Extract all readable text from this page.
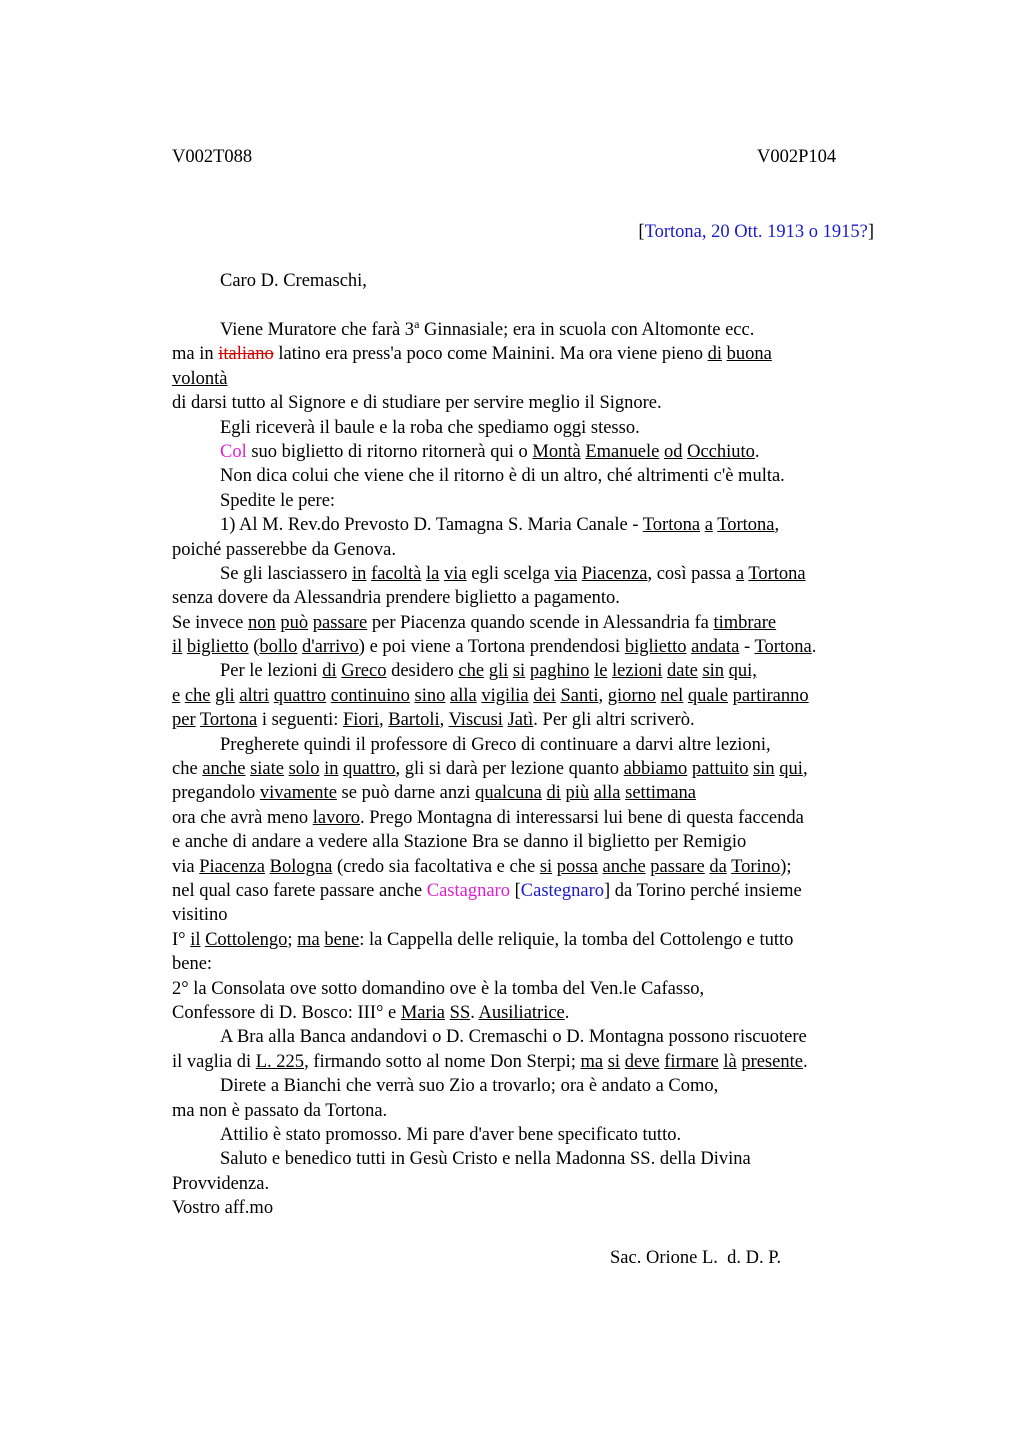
V002T088	V002P104
[Tortona, 20 Ott. 1913 o 1915?]
Caro D. Cremaschi,
Viene Muratore che farà 3$^a$ Ginnasiale; era in scuola con Altomonte ecc.
ma in italiano latino era press'a poco come Mainini. Ma ora viene pieno di buona
volontà
di darsi tutto al Signore e di studiare per servire meglio il Signore.
Egli riceverà il baule e la roba che spediamo oggi stesso.
Col suo biglietto di ritorno ritornerà qui o Montà Emanuele od Occhiuto.
Non dica colui che viene che il ritorno è di un altro, ché altrimenti c'è multa.
Spedite le pere:
1) Al M. Rev.do Prevosto D. Tamagna S. Maria Canale - Tortona a Tortona,
poiché passerebbe da Genova.
Se gli lasciassero in facoltà la via egli scelga via Piacenza, così passa a Tortona
senza dovere da Alessandria prendere biglietto a pagamento.
Se invece non può passare per Piacenza quando scende in Alessandria fa timbrare
il biglietto (bollo d'arrivo) e poi viene a Tortona prendendosi biglietto andata - Tortona.
Per le lezioni di Greco desidero che gli si paghino le lezioni date sin qui,
e che gli altri quattro continuino sino alla vigilia dei Santi, giorno nel quale partiranno
per Tortona i seguenti: Fiori, Bartoli, Viscusi Jatì. Per gli altri scriverò.
Pregherete quindi il professore di Greco di continuare a darvi altre lezioni,
che anche siate solo in quattro, gli si darà per lezione quanto abbiamo pattuito sin qui,
pregandolo vivamente se può darne anzi qualcuna di più alla settimana
ora che avrà meno lavoro. Prego Montagna di interessarsi lui bene di questa faccenda
e anche di andare a vedere alla Stazione Bra se danno il biglietto per Remigio
via Piacenza Bologna (credo sia facoltativa e che si possa anche passare da Torino);
nel qual caso farete passare anche Castagnaro [Castegnaro] da Torino perché insieme
visitino
I° il Cottolengo; ma bene: la Cappella delle reliquie, la tomba del Cottolengo e tutto
bene:
2° la Consolata ove sotto domandino ove è la tomba del Ven.le Cafasso,
Confessore di D. Bosco: III° e Maria SS. Ausiliatrice.
A Bra alla Banca andandovi o D. Cremaschi o D. Montagna possono riscuotere
il vaglia di L. 225, firmando sotto al nome Don Sterpi; ma si deve firmare là presente.
Direte a Bianchi che verrà suo Zio a trovarlo; ora è andato a Como,
ma non è passato da Tortona.
Attilio è stato promosso. Mi pare d'aver bene specificato tutto.
Saluto e benedico tutti in Gesù Cristo e nella Madonna SS. della Divina
Provvidenza.
Vostro aff.mo
Sac. Orione L.  d. D. P.
